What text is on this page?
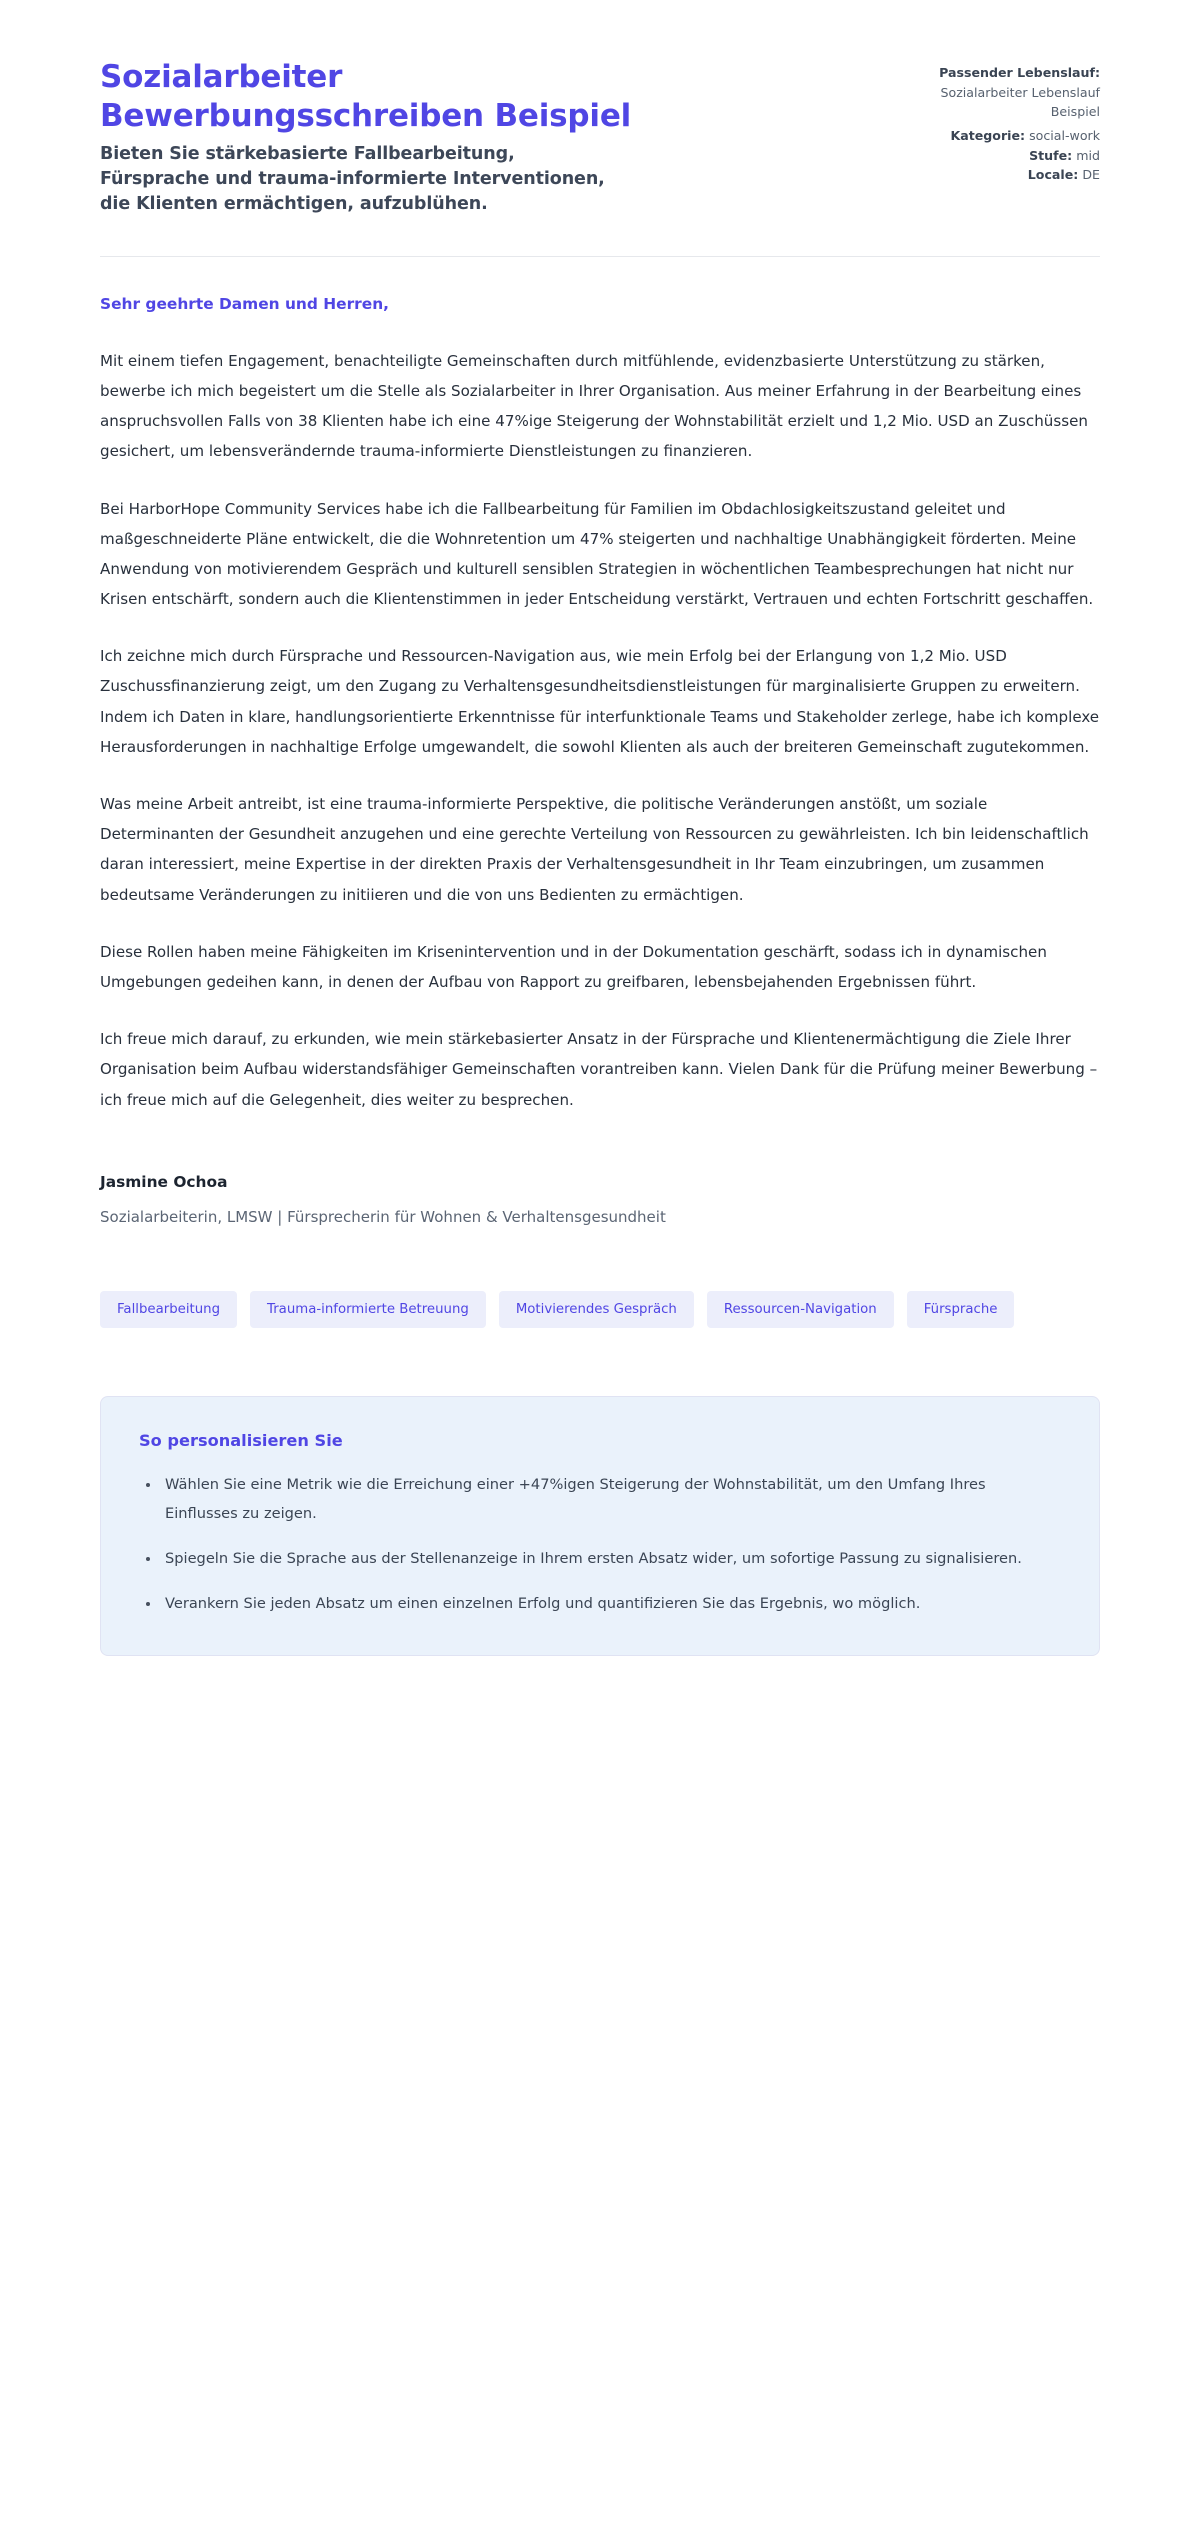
Sozialarbeiter
Bewerbungsschreiben Beispiel

Bieten Sie stärkebasierte Fallbearbeitung,
Fürsprache und trauma-informierte Interventionen,
die Klienten ermächtigen, aufzublühen.

Passender Lebenslauf:
Sozialarbeiter Lebenslauf Beispiel
Kategorie: social-work
Stufe: mid
Locale: DE

Sehr geehrte Damen und Herren,

Mit einem tiefen Engagement, benachteiligte Gemeinschaften durch mitfühlende, evidenzbasierte Unterstützung zu stärken, bewerbe ich mich begeistert um die Stelle als Sozialarbeiter in Ihrer Organisation. Aus meiner Erfahrung in der Bearbeitung eines anspruchsvollen Falls von 38 Klienten habe ich eine 47%ige Steigerung der Wohnstabilität erzielt und 1,2 Mio. USD an Zuschüssen gesichert, um lebensverändernde trauma-informierte Dienstleistungen zu finanzieren.

Bei HarborHope Community Services habe ich die Fallbearbeitung für Familien im Obdachlosigkeitszustand geleitet und maßgeschneiderte Pläne entwickelt, die die Wohnretention um 47% steigerten und nachhaltige Unabhängigkeit förderten. Meine Anwendung von motivierendem Gespräch und kulturell sensiblen Strategien in wöchentlichen Teambesprechungen hat nicht nur Krisen entschärft, sondern auch die Klientenstimmen in jeder Entscheidung verstärkt, Vertrauen und echten Fortschritt geschaffen.

Ich zeichne mich durch Fürsprache und Ressourcen-Navigation aus, wie mein Erfolg bei der Erlangung von 1,2 Mio. USD Zuschussfinanzierung zeigt, um den Zugang zu Verhaltensgesundheitsdienstleistungen für marginalisierte Gruppen zu erweitern. Indem ich Daten in klare, handlungsorientierte Erkenntnisse für interfunktionale Teams und Stakeholder zerlege, habe ich komplexe Herausforderungen in nachhaltige Erfolge umgewandelt, die sowohl Klienten als auch der breiteren Gemeinschaft zugutekommen.

Was meine Arbeit antreibt, ist eine trauma-informierte Perspektive, die politische Veränderungen anstößt, um soziale Determinanten der Gesundheit anzugehen und eine gerechte Verteilung von Ressourcen zu gewährleisten. Ich bin leidenschaftlich daran interessiert, meine Expertise in der direkten Praxis der Verhaltensgesundheit in Ihr Team einzubringen, um zusammen bedeutsame Veränderungen zu initiieren und die von uns Bedienten zu ermächtigen.

Diese Rollen haben meine Fähigkeiten im Krisenintervention und in der Dokumentation geschärft, sodass ich in dynamischen Umgebungen gedeihen kann, in denen der Aufbau von Rapport zu greifbaren, lebensbejahenden Ergebnissen führt.

Ich freue mich darauf, zu erkunden, wie mein stärkebasierter Ansatz in der Fürsprache und Klientenermächtigung die Ziele Ihrer Organisation beim Aufbau widerstandsfähiger Gemeinschaften vorantreiben kann. Vielen Dank für die Prüfung meiner Bewerbung – ich freue mich auf die Gelegenheit, dies weiter zu besprechen.

Jasmine Ochoa

Sozialarbeiterin, LMSW | Fürsprecherin für Wohnen & Verhaltensgesundheit

Fallbearbeitung	Trauma-informierte Betreuung	Motivierendes Gespräch	Ressourcen-Navigation	Fürsprache
So personalisieren Sie
Wählen Sie eine Metrik wie die Erreichung einer +47%igen Steigerung der Wohnstabilität, um den Umfang Ihres Einflusses zu zeigen.
Spiegeln Sie die Sprache aus der Stellenanzeige in Ihrem ersten Absatz wider, um sofortige Passung zu signalisieren.
Verankern Sie jeden Absatz um einen einzelnen Erfolg und quantifizieren Sie das Ergebnis, wo möglich.
